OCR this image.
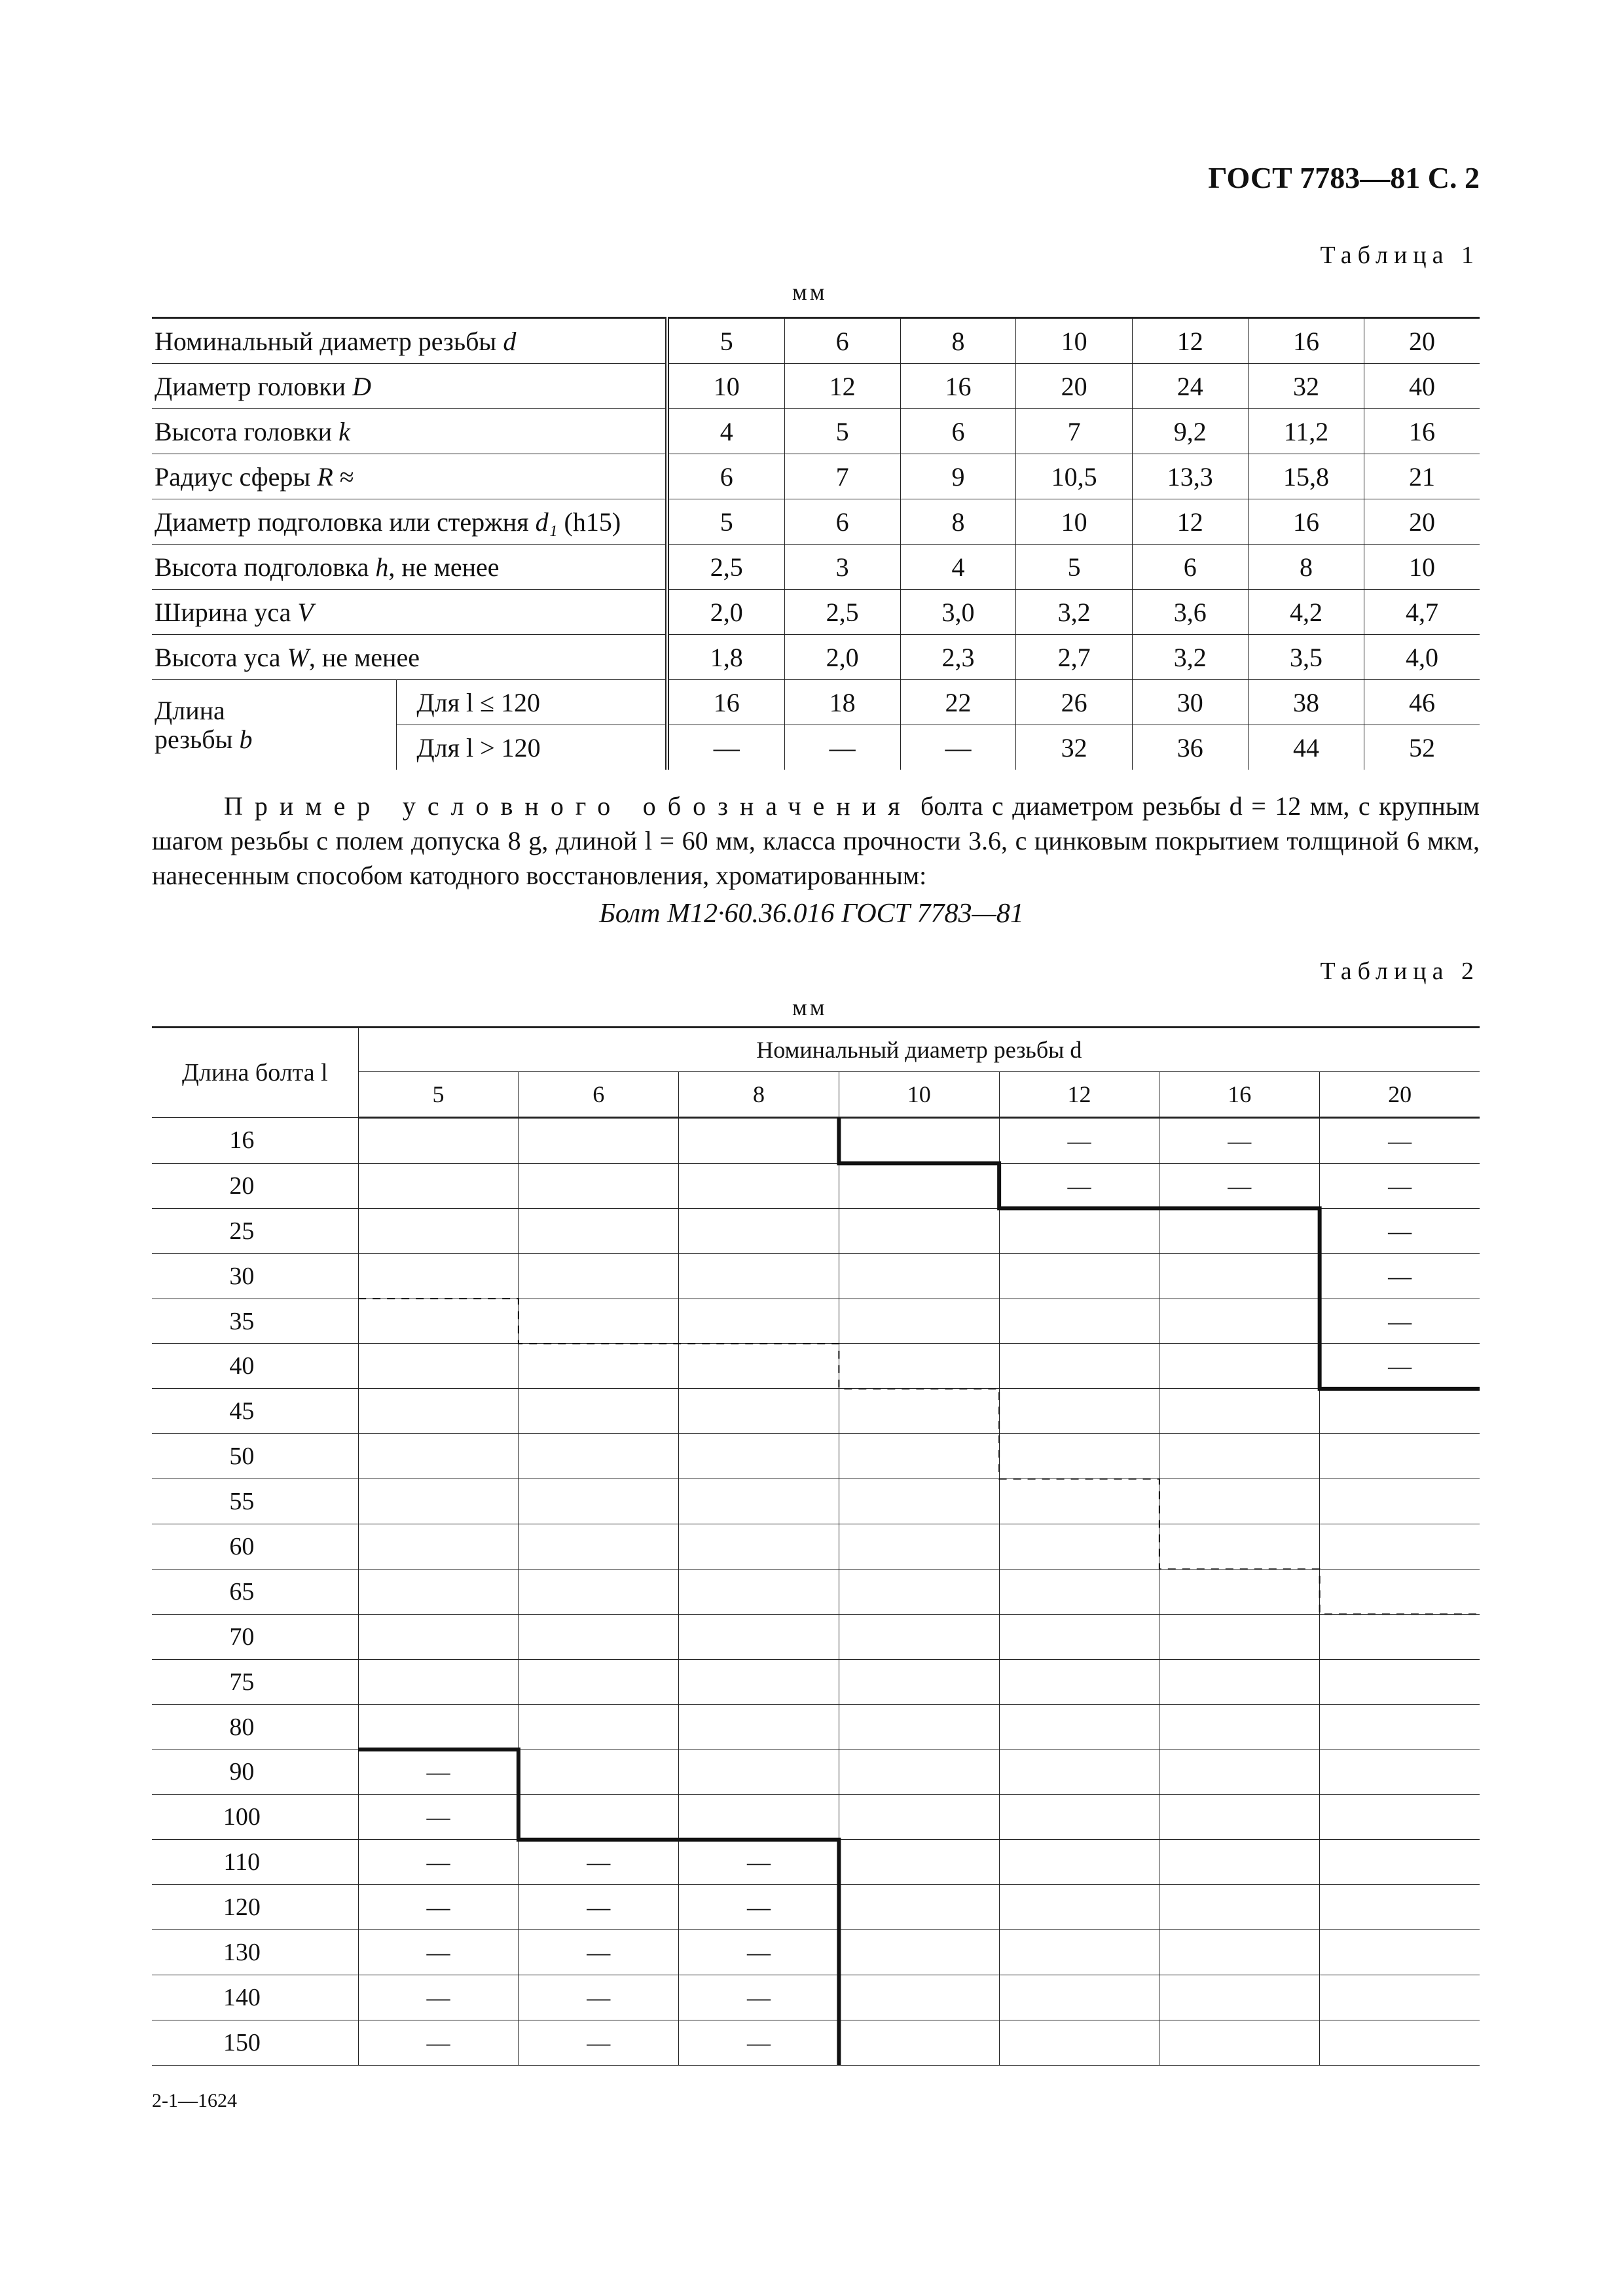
ГОСТ 7783—81 С. 2
Таблица 1
мм
Номинальный диаметр резьбы d		5	6	8	10	12	16	20
Диаметр головки D		10	12	16	20	24	32	40
Высота головки k		4	5	6	7	9,2	11,2	16
Радиус сферы R ≈		6	7	9	10,5	13,3	15,8	21
Диаметр подголовка или стержня d₁ (h15)		5	6	8	10	12	16	20
Высота подголовка h, не менее		2,5	3	4	5	6	8	10
Ширина уса V		2,0	2,5	3,0	3,2	3,6	4,2	4,7
Высота уса W, не менее		1,8	2,0	2,3	2,7	3,2	3,5	4,0
Длина
резьбы b	Для l ≤ 120	16	18	22	26	30	38	46
	Для l > 120	—	—	—	32	36	44	52
Пример условного обозначения болта с диаметром резьбы d = 12 мм, с крупным шагом резьбы с полем допуска 8 g, длиной l = 60 мм, класса прочности 3.6, с цинковым покрытием толщиной 6 мкм, нанесенным способом катодного восстановления, хроматированным:
Болт М12·60.36.016 ГОСТ 7783—81
Таблица 2
мм
Длина болта l	Номинальный диаметр резьбы d						
	5	6	8	10	12	16	20
16					—	—	—
20					—	—	—
25							—
30							—
35							—
40							—
45							
50							
55							
60							
65							
70							
75							
80							
90	—						
100	—						
110	—	—	—				
120	—	—	—				
130	—	—	—				
140	—	—	—				
150	—	—	—				
2-1—1624
